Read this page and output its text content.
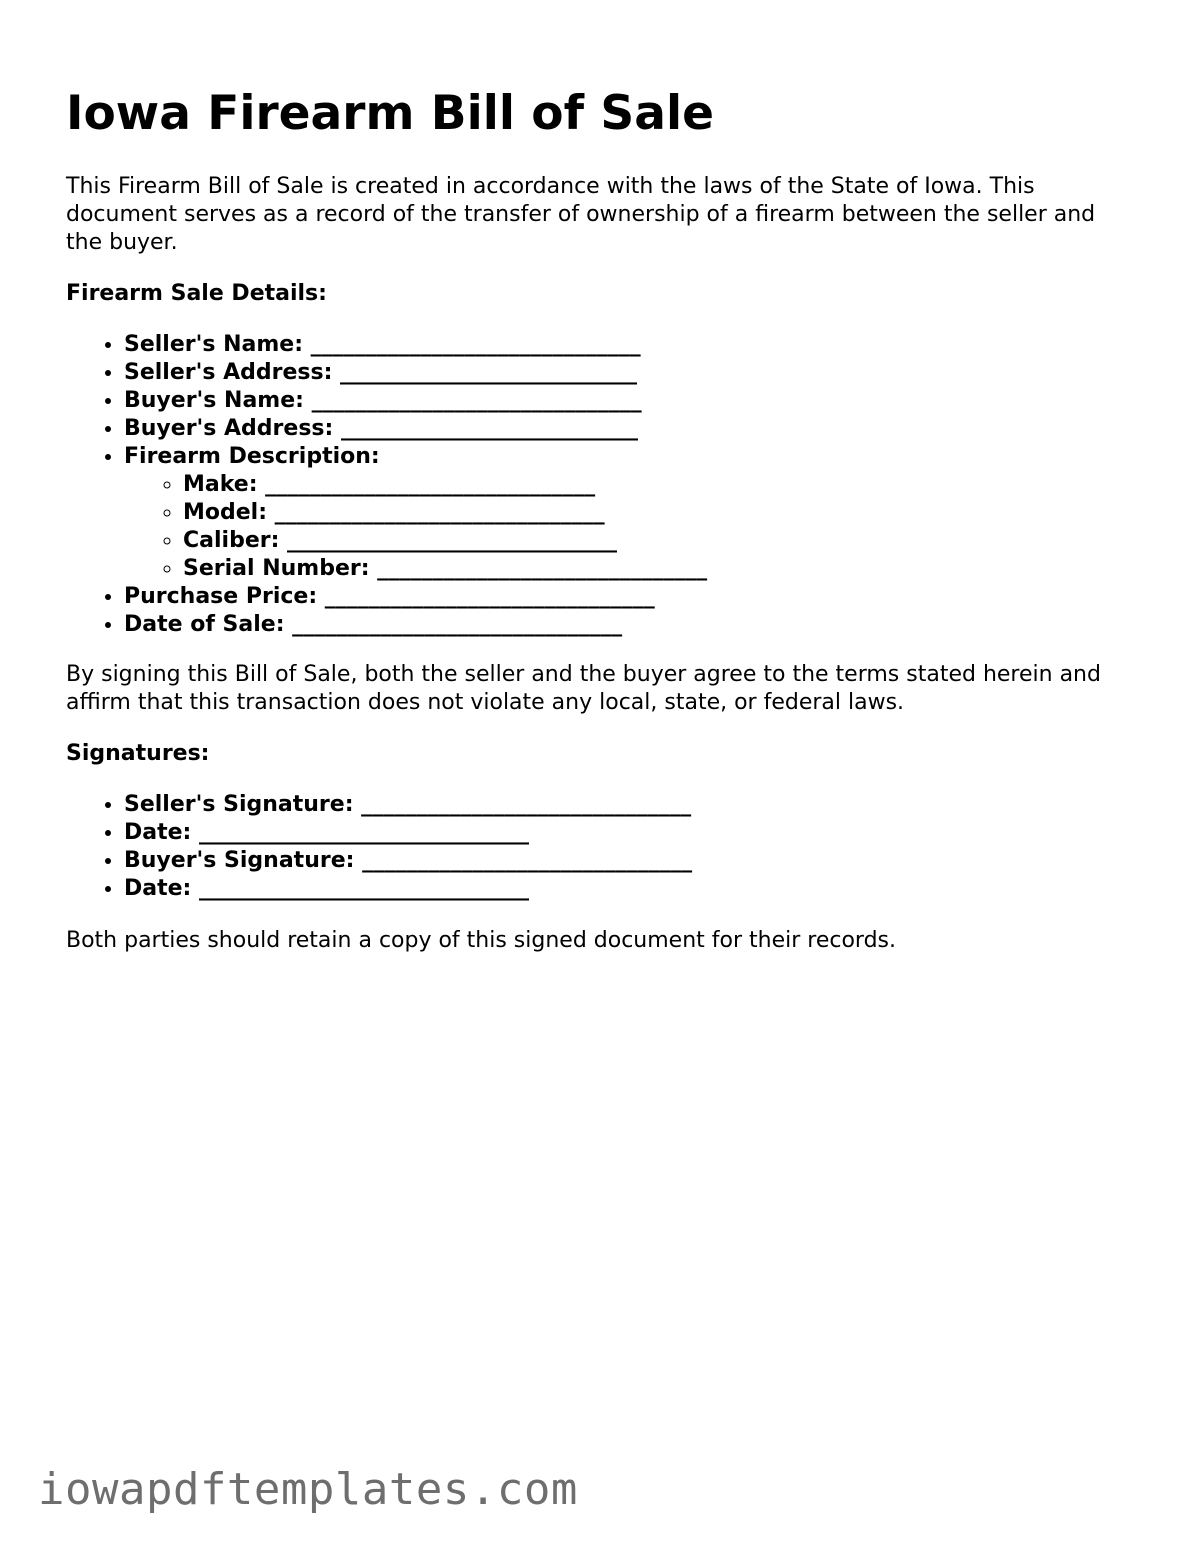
Iowa Firearm Bill of Sale

This Firearm Bill of Sale is created in accordance with the laws of the State of Iowa. This document serves as a record of the transfer of ownership of a firearm between the seller and the buyer.

Firearm Sale Details:

• Seller's Name: ______________________________
• Seller's Address: ___________________________
• Buyer's Name: ______________________________
• Buyer's Address: ___________________________
• Firearm Description:
◦ Make: ______________________________
◦ Model: ______________________________
◦ Caliber: ______________________________
◦ Serial Number: ______________________________
• Purchase Price: ______________________________
• Date of Sale: ______________________________

By signing this Bill of Sale, both the seller and the buyer agree to the terms stated herein and affirm that this transaction does not violate any local, state, or federal laws.

Signatures:

• Seller's Signature: ______________________________
• Date: ______________________________
• Buyer's Signature: ______________________________
• Date: ______________________________

Both parties should retain a copy of this signed document for their records.

iowapdftemplates.com
